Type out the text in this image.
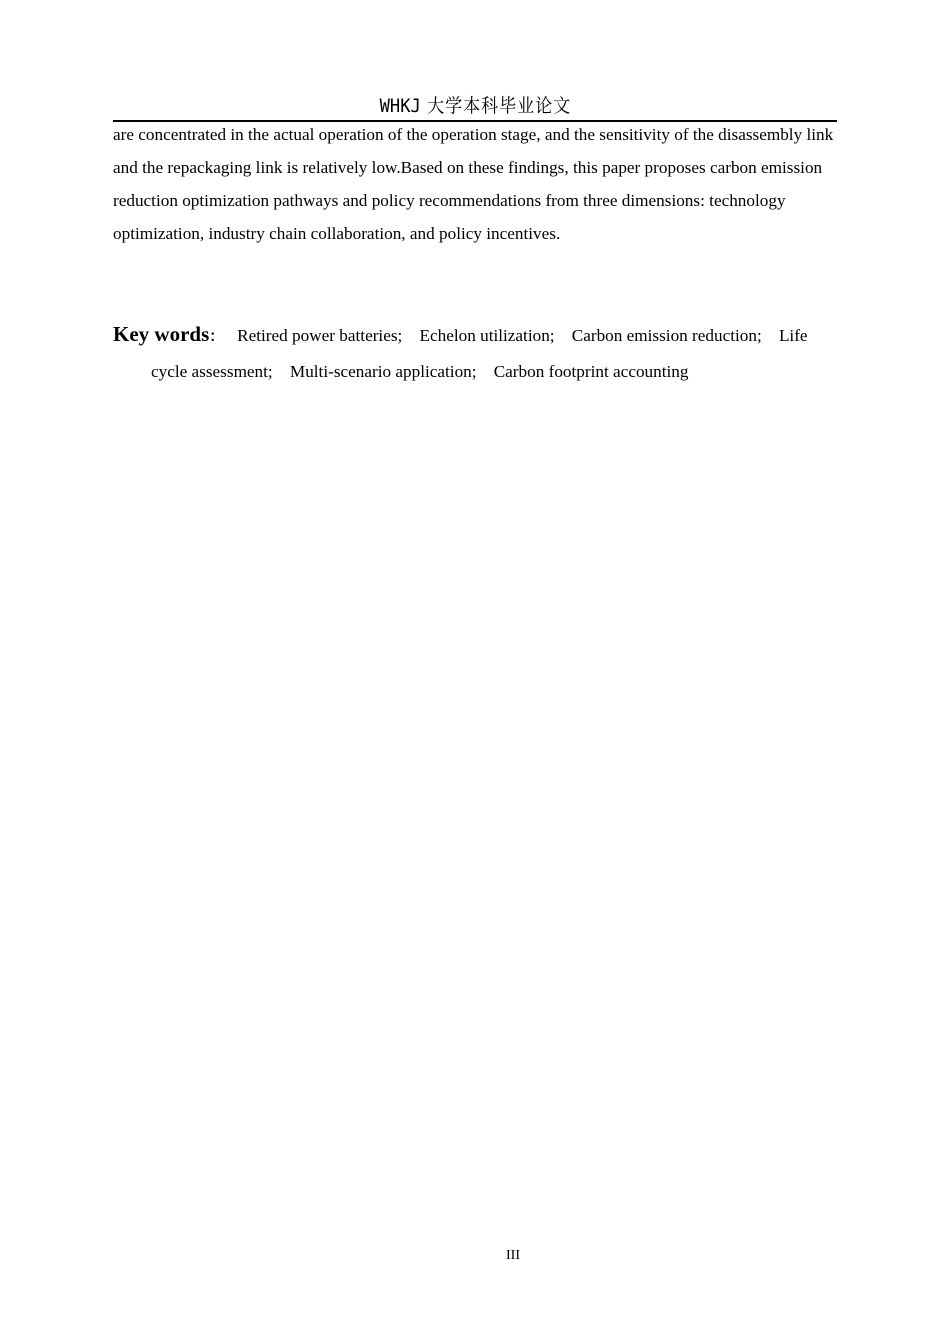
WHKJ 大学本科毕业论文

are concentrated in the actual operation of the operation stage, and the sensitivity of the disassembly link and the repackaging link is relatively low.Based on these findings, this paper proposes carbon emission reduction optimization pathways and policy recommendations from three dimensions: technology optimization, industry chain collaboration, and policy incentives.

Key words： Retired power batteries; Echelon utilization; Carbon emission reduction; Life cycle assessment; Multi-scenario application; Carbon footprint accounting

III
